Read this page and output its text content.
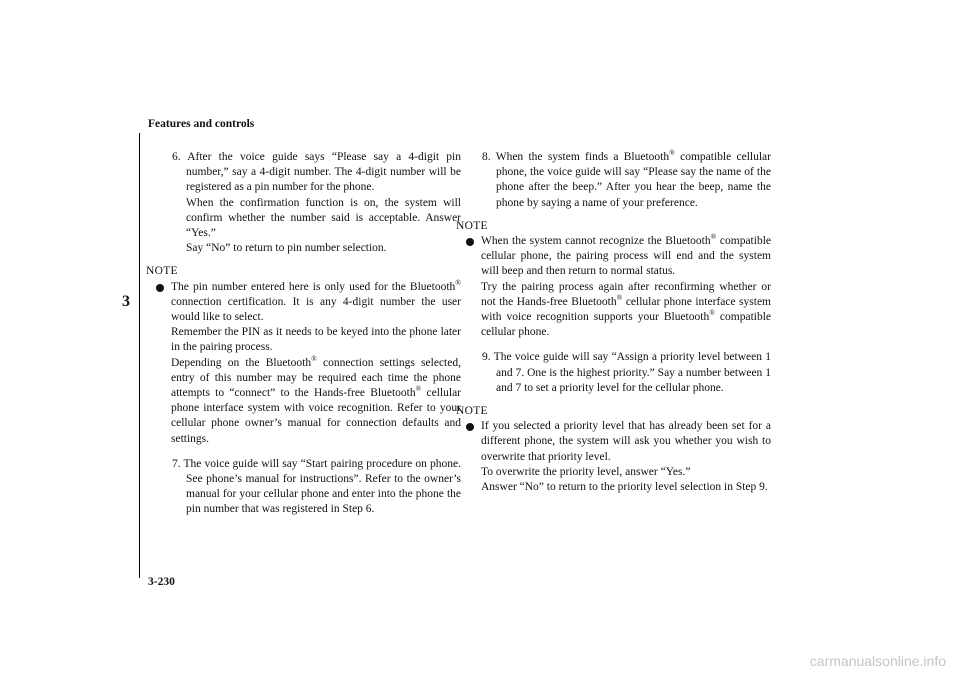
Features and controls
3
6. After the voice guide says “Please say a 4-digit pin number,” say a 4-digit number. The 4-digit number will be registered as a pin number for the phone.
When the confirmation function is on, the system will confirm whether the number said is acceptable. Answer “Yes.”
Say “No” to return to pin number selection.
NOTE
The pin number entered here is only used for the Bluetooth® connection certification. It is any 4-digit number the user would like to select.
Remember the PIN as it needs to be keyed into the phone later in the pairing process.
Depending on the Bluetooth® connection settings selected, entry of this number may be required each time the phone attempts to “connect” to the Hands-free Bluetooth® cellular phone interface system with voice recognition. Refer to your cellular phone owner’s manual for connection defaults and settings.
7. The voice guide will say “Start pairing procedure on phone. See phone’s manual for instructions”. Refer to the owner’s manual for your cellular phone and enter into the phone the pin number that was registered in Step 6.
8. When the system finds a Bluetooth® compatible cellular phone, the voice guide will say “Please say the name of the phone after the beep.” After you hear the beep, name the phone by saying a name of your preference.
NOTE
When the system cannot recognize the Bluetooth® compatible cellular phone, the pairing process will end and the system will beep and then return to normal status.
Try the pairing process again after reconfirming whether or not the Hands-free Bluetooth® cellular phone interface system with voice recognition supports your Bluetooth® compatible cellular phone.
9. The voice guide will say “Assign a priority level between 1 and 7. One is the highest priority.” Say a number between 1 and 7 to set a priority level for the cellular phone.
NOTE
If you selected a priority level that has already been set for a different phone, the system will ask you whether you wish to overwrite that priority level.
To overwrite the priority level, answer “Yes.”
Answer “No” to return to the priority level selection in Step 9.
3-230
carmanualsonline.info
